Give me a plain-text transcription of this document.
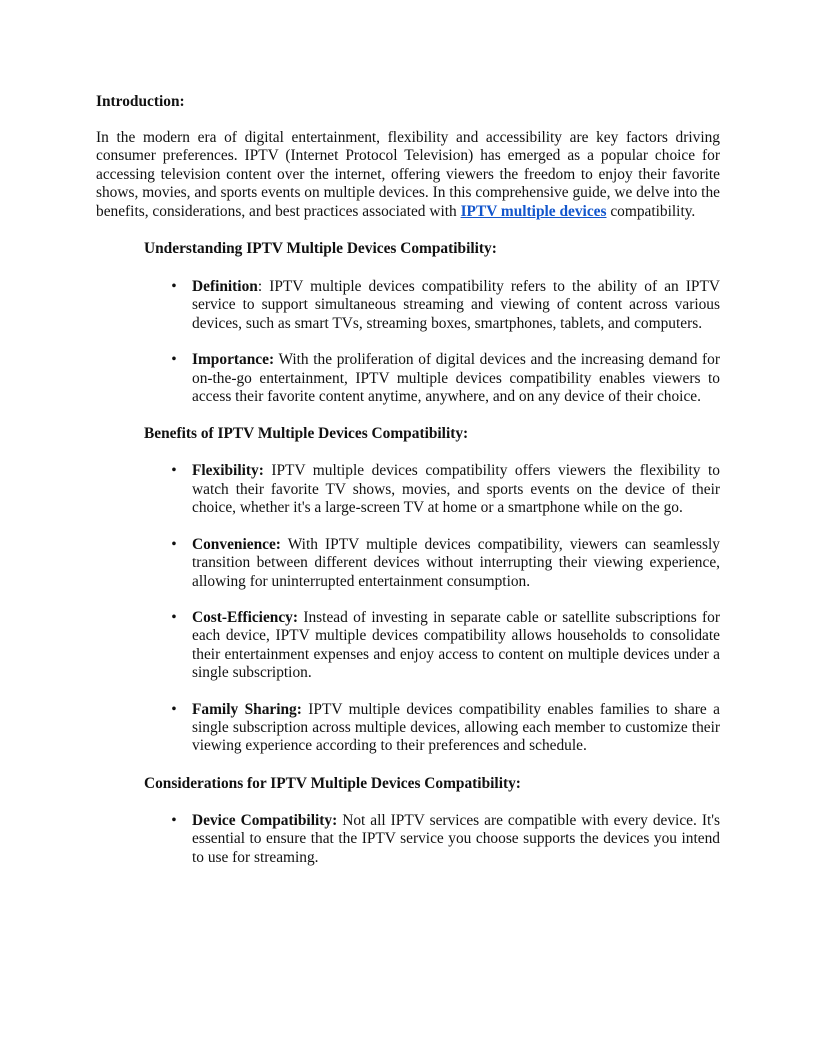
Introduction:

In the modern era of digital entertainment, flexibility and accessibility are key factors driving consumer preferences. IPTV (Internet Protocol Television) has emerged as a popular choice for accessing television content over the internet, offering viewers the freedom to enjoy their favorite shows, movies, and sports events on multiple devices. In this comprehensive guide, we delve into the benefits, considerations, and best practices associated with IPTV multiple devices compatibility.

Understanding IPTV Multiple Devices Compatibility:

• Definition: IPTV multiple devices compatibility refers to the ability of an IPTV service to support simultaneous streaming and viewing of content across various devices, such as smart TVs, streaming boxes, smartphones, tablets, and computers.
• Importance: With the proliferation of digital devices and the increasing demand for on-the-go entertainment, IPTV multiple devices compatibility enables viewers to access their favorite content anytime, anywhere, and on any device of their choice.

Benefits of IPTV Multiple Devices Compatibility:

• Flexibility: IPTV multiple devices compatibility offers viewers the flexibility to watch their favorite TV shows, movies, and sports events on the device of their choice, whether it's a large-screen TV at home or a smartphone while on the go.
• Convenience: With IPTV multiple devices compatibility, viewers can seamlessly transition between different devices without interrupting their viewing experience, allowing for uninterrupted entertainment consumption.
• Cost-Efficiency: Instead of investing in separate cable or satellite subscriptions for each device, IPTV multiple devices compatibility allows households to consolidate their entertainment expenses and enjoy access to content on multiple devices under a single subscription.
• Family Sharing: IPTV multiple devices compatibility enables families to share a single subscription across multiple devices, allowing each member to customize their viewing experience according to their preferences and schedule.

Considerations for IPTV Multiple Devices Compatibility:

• Device Compatibility: Not all IPTV services are compatible with every device. It's essential to ensure that the IPTV service you choose supports the devices you intend to use for streaming.
